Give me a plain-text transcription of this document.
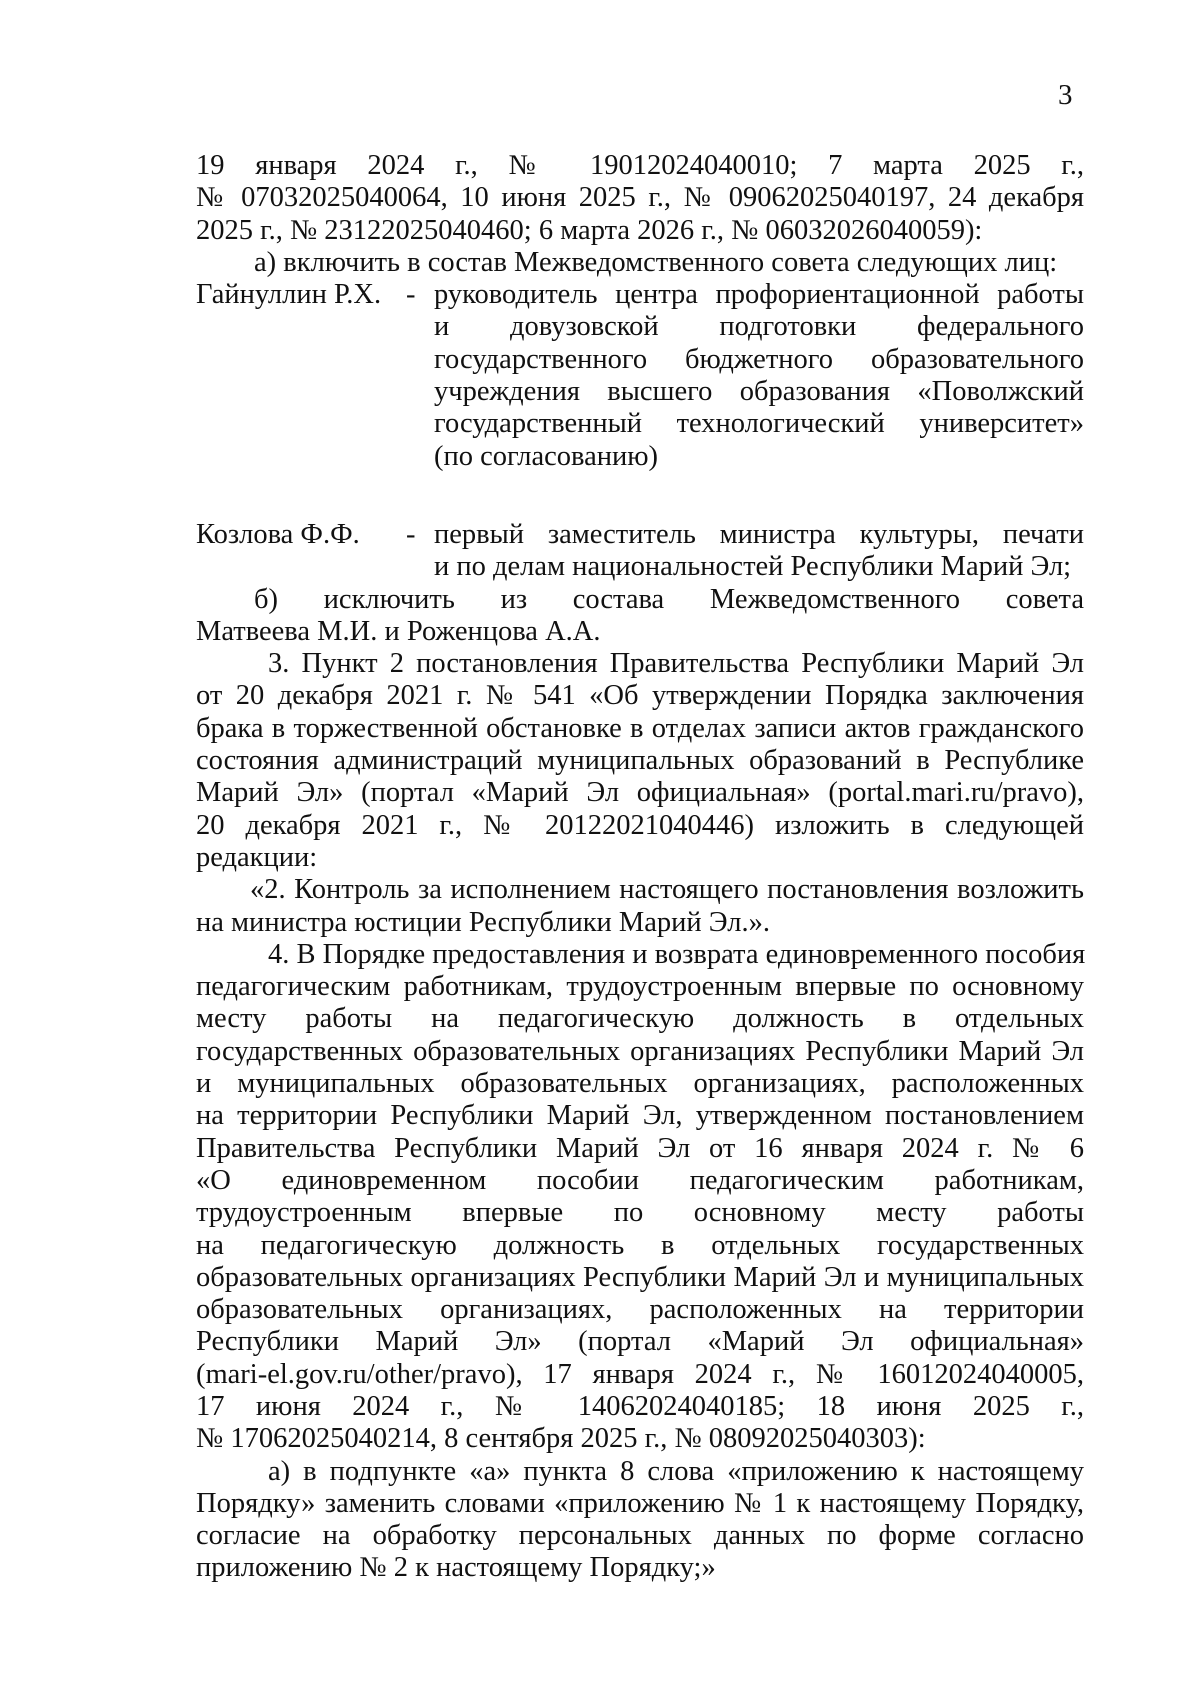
3
19 января 2024 г., № 19012024040010; 7 марта 2025 г.,
№ 07032025040064, 10 июня 2025 г., № 09062025040197, 24 декабря
2025 г., № 23122025040460; 6 марта 2026 г., № 06032026040059):
а) включить в состав Межведомственного совета следующих лиц:
Гайнуллин Р.Х. - руководитель центра профориентационной работы
и довузовской подготовки федерального
государственного бюджетного образовательного
учреждения высшего образования «Поволжский
государственный технологический университет»
(по согласованию)
Козлова Ф.Ф.	- первый заместитель министра культуры, печати
и по делам национальностей Республики Марий Эл;
б) исключить из состава Межведомственного совета
Матвеева М.И. и Роженцова А.А.
3. Пункт 2 постановления Правительства Республики Марий Эл
от 20 декабря 2021 г. № 541 «Об утверждении Порядка заключения
брака в торжественной обстановке в отделах записи актов гражданского
состояния администраций муниципальных образований в Республике
Марий Эл» (портал «Марий Эл официальная» (portal.mari.ru/pravo),
20 декабря 2021 г., № 20122021040446) изложить в следующей
редакции:
«2. Контроль за исполнением настоящего постановления возложить
на министра юстиции Республики Марий Эл.».
4. В Порядке предоставления и возврата единовременного пособия
педагогическим работникам, трудоустроенным впервые по основному
месту работы на педагогическую должность в отдельных
государственных образовательных организациях Республики Марий Эл
и муниципальных образовательных организациях, расположенных
на территории Республики Марий Эл, утвержденном постановлением
Правительства Республики Марий Эл от 16 января 2024 г. № 6
«О единовременном пособии педагогическим работникам,
трудоустроенным впервые по основному месту работы
на педагогическую должность в отдельных государственных
образовательных организациях Республики Марий Эл и муниципальных
образовательных организациях, расположенных на территории
Республики Марий Эл» (портал «Марий Эл официальная»
(mari-el.gov.ru/other/pravo), 17 января 2024 г., № 16012024040005,
17 июня 2024 г., № 14062024040185; 18 июня 2025 г.,
№ 17062025040214, 8 сентября 2025 г., № 08092025040303):
а) в подпункте «а» пункта 8 слова «приложению к настоящему
Порядку» заменить словами «приложению № 1 к настоящему Порядку,
согласие на обработку персональных данных по форме согласно
приложению № 2 к настоящему Порядку;»
